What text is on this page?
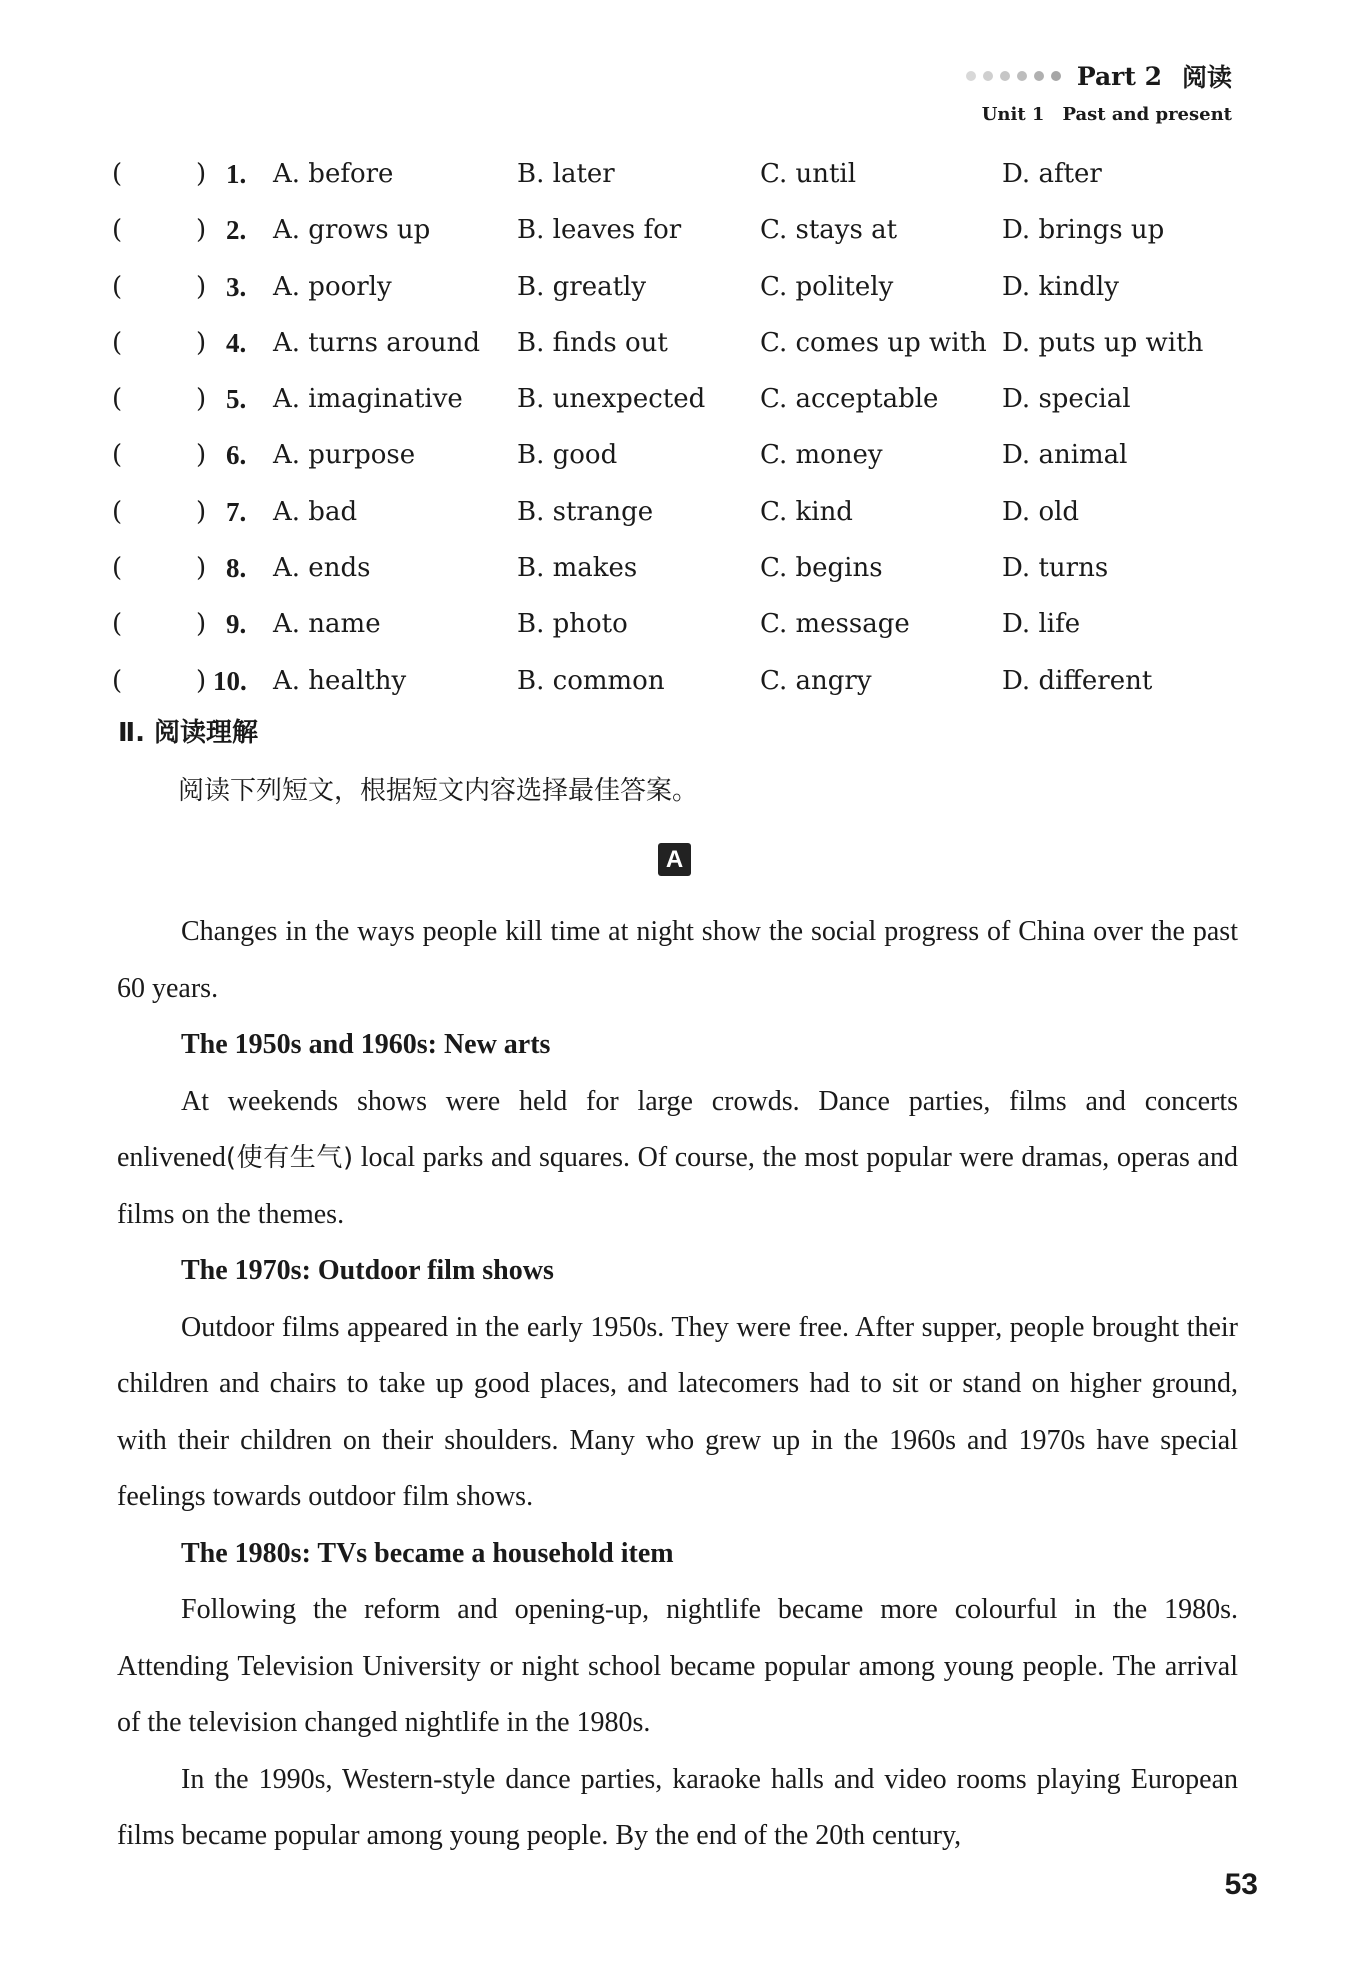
Part 2 阅读
Unit 1 Past and present
(	) 1. A. before	B. later	C. until	D. after
(	) 2. A. grows up	B. leaves for	C. stays at	D. brings up
(	) 3. A. poorly	B. greatly	C. politely	D. kindly
(	) 4. A. turns around B. finds out	C. comes up with D. puts up with
(	) 5. A. imaginative B. unexpected C. acceptable D. special
(	) 6. A. purpose	B. good	C. money	D. animal
(	) 7. A. bad	B. strange	C. kind	D. old
(	) 8. A. ends	B. makes	C. begins	D. turns
(	) 9. A. name	B. photo	C. message	D. life
(	) 10. A. healthy	B. common	C. angry	D. different
Ⅱ. 阅读理解
阅读下列短文，根据短文内容选择最佳答案。
A

Changes in the ways people kill time at night show the social progress of China over the past 60 years.

The 1950s and 1960s: New arts

At weekends shows were held for large crowds. Dance parties, films and concerts enlivened(使有生气) local parks and squares. Of course, the most popular were dramas, operas and films on the themes.

The 1970s: Outdoor film shows

Outdoor films appeared in the early 1950s. They were free. After supper, people brought their children and chairs to take up good places, and latecomers had to sit or stand on higher ground, with their children on their shoulders. Many who grew up in the 1960s and 1970s have special feelings towards outdoor film shows.

The 1980s: TVs became a household item

Following the reform and opening-up, nightlife became more colourful in the 1980s. Attending Television University or night school became popular among young people. The arrival of the television changed nightlife in the 1980s.

In the 1990s, Western-style dance parties, karaoke halls and video rooms playing European films became popular among young people. By the end of the 20th century,

53
